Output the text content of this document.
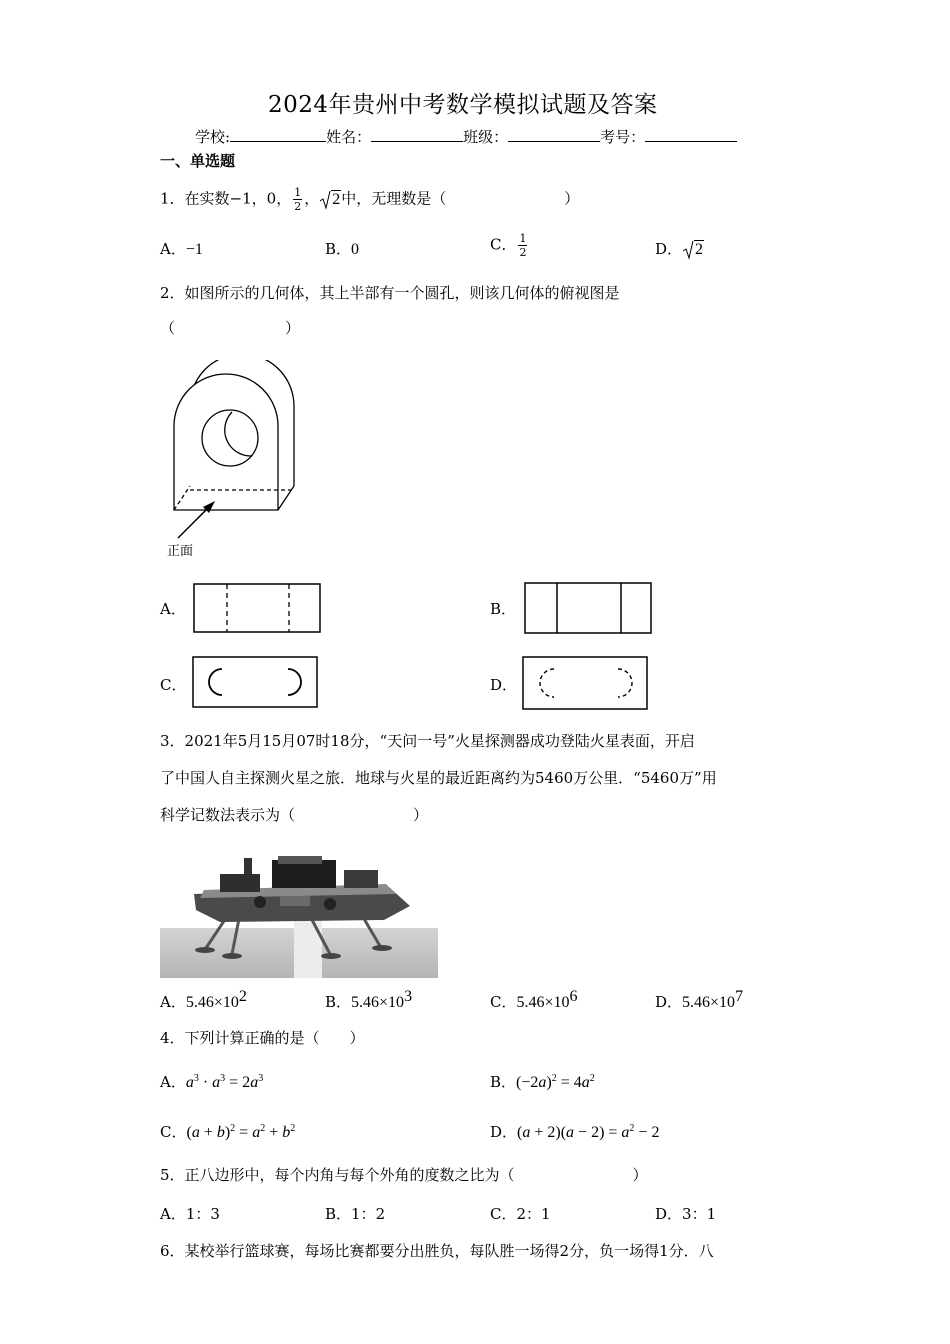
2024年贵州中考数学模拟试题及答案
学校:	姓名：	班级：	考号：
一、单选题
1．在实数−1，0， $\frac{1}{2}$ ， 2中，无理数是（	）
A．−1	B．0	C． $\frac{1}{2}$	D． 2
2．如图所示的几何体，其上半部有一个圆孔，则该几何体的俯视图是
（	）
正面
A．	B．
C．	D．
3．2021年5月15月07时18分，“天问一号”火星探测器成功登陆火星表面，开启
了中国人自主探测火星之旅．地球与火星的最近距离约为5460万公里．“5460万”用
科学记数法表示为（	）
A．$5.46\times 10^2$	B．$5.46\times 10^3$	C．$5.46\times 10^6$	D．$5.46\times 10^7$
4．下列计算正确的是（ ）
A．$a^3 \cdot a^3 = 2a^3$	B．$(-2a)^2 = 4a^2$
C．$(a + b)^2 = a^2 + b^2$	D．$(a + 2)(a - 2) = a^2 - 2$
5．正八边形中，每个内角与每个外角的度数之比为（	）
A．1：3	B．1：2	C．2：1	D．3：1
6．某校举行篮球赛，每场比赛都要分出胜负，每队胜一场得2分，负一场得1分．八
